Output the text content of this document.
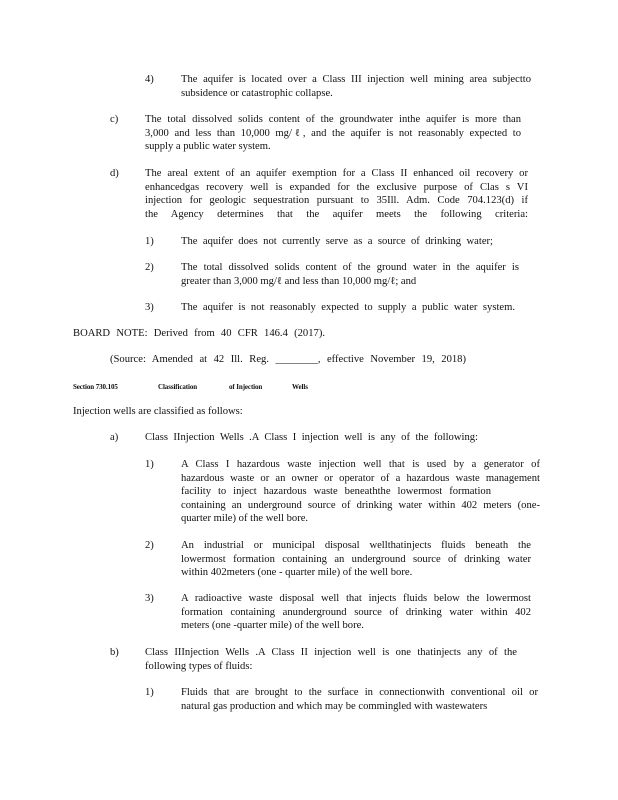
4)	The aquifer is located over a Class III injection well mining area subjectto
subsidence or catastrophic collapse.
c)	The total dissolved solids content of the groundwater inthe aquifer is more than
3,000 and less than 10,000 mg/ℓ, and the aquifer is not reasonably expected to
supply a public water system.
d) The areal extent of an aquifer exemption for a Class II enhanced oil recovery or
enhancedgas recovery well is expanded for the exclusive purpose of Clas s VI
injection for geologic sequestration pursuant to 35Ill. Adm. Code 704.123(d) if
the Agency determines that the aquifer meets the following criteria:
1)	The aquifer does not currently serve as a source of drinking water;
2)	The total dissolved solids content of the ground water in the aquifer is
greater than 3,000 mg/ℓ and less than 10,000 mg/ℓ; and
3)	The aquifer is not reasonably expected to supply a public water system.
BOARD NOTE: Derived from 40 CFR 146.4 (2017).
(Source: Amended at 42 Ill. Reg. ________, effective November 19, 2018)
Section 730.105	Classification	of Injection	Wells
Injection wells are classified as follows:
a)	Class IInjection Wells .A Class I injection well is any of the following:
1)	A Class I hazardous waste injection well that is used by a generator of
hazardous waste or an owner or operator of a hazardous waste management
facility to inject hazardous waste beneaththe lowermost formation
containing an underground source of drinking water within 402 meters (one-
quarter mile) of the well bore.
2)	An industrial or municipal disposal wellthatinjects fluids beneath the
lowermost formation containing an underground source of drinking water
within 402meters (one - quarter mile) of the well bore.
3)	A radioactive waste disposal well that injects fluids below the lowermost
formation containing anunderground source of drinking water within 402
meters (one -quarter mile) of the well bore.
b) Class IIInjection Wells .A Class II injection well is one thatinjects any of the
following types of fluids:
1)	Fluids that are brought to the surface in connectionwith conventional oil or
natural gas production and which may be commingled with wastewaters
